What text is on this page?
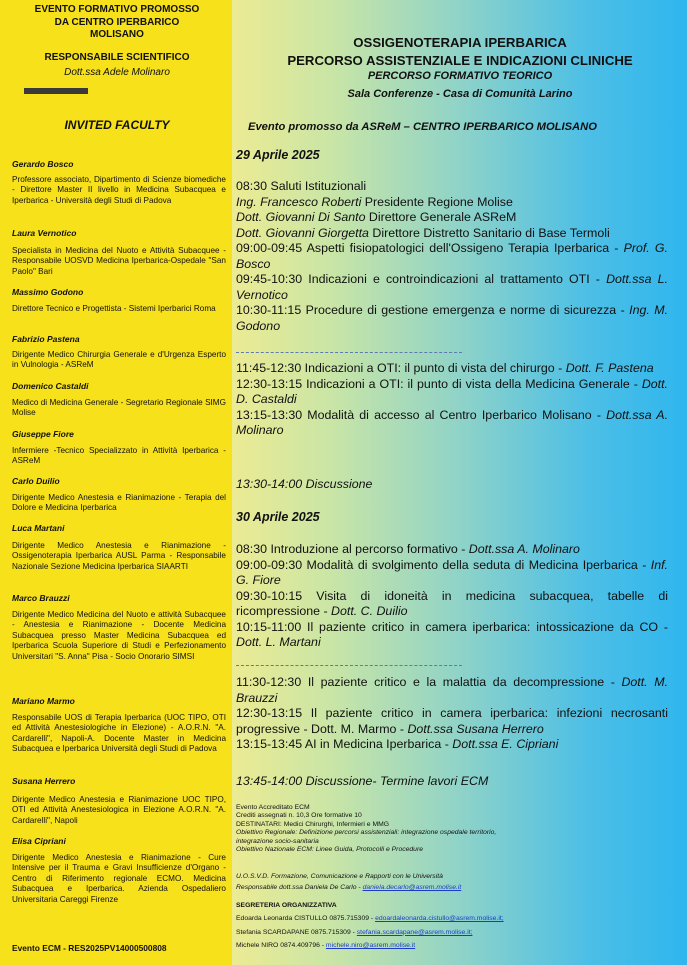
EVENTO FORMATIVO PROMOSSO
DA CENTRO IPERBARICO
MOLISANO
RESPONSABILE SCIENTIFICO
Dott.ssa Adele Molinaro
INVITED FACULTY
Gerardo Bosco
Professore associato, Dipartimento di Scienze biomediche - Direttore Master II livello in Medicina Subacquea e Iperbarica - Università degli Studi di Padova
Laura Vernotico
Specialista in Medicina del Nuoto e Attività Subacquee - Responsabile UOSVD Medicina Iperbarica-Ospedale "San Paolo" Bari
Massimo Godono
Direttore Tecnico e Progettista - Sistemi Iperbarici Roma
Fabrizio Pastena
Dirigente Medico Chirurgia Generale e d'Urgenza Esperto in Vulnologia - ASReM
Domenico Castaldi
Medico di Medicina Generale - Segretario Regionale SIMG Molise
Giuseppe Fiore
Infermiere -Tecnico Specializzato in Attività Iperbarica - ASReM
Carlo Duilio
Dirigente Medico Anestesia e Rianimazione - Terapia del Dolore e Medicina Iperbarica
Luca Martani
Dirigente Medico Anestesia e Rianimazione - Ossigenoterapia Iperbarica AUSL Parma - Responsabile Nazionale Sezione Medicina Iperbarica SIAARTI
Marco Brauzzi
Dirigente Medico Medicina del Nuoto e attività Subacquee - Anestesia e Rianimazione - Docente Medicina Subacquea presso Master Medicina Subacquea ed Iperbarica Scuola Superiore di Studi e Perfezionamento Universitari "S. Anna" Pisa - Socio Onorario SIMSI
Mariano Marmo
Responsabile UOS di Terapia Iperbarica (UOC TIPO, OTI ed Attività Anestesiologiche in Elezione) - A.O.R.N. "A. Cardarelli", Napoli-A. Docente Master in Medicina Subacquea e Iperbarica Università degli Studi di Padova
Susana Herrero
Dirigente Medico Anestesia e Rianimazione UOC TIPO, OTI ed Attività Anestesiologica in Elezione A.O.R.N. "A. Cardarelli", Napoli
Elisa Cipriani
Dirigente Medico Anestesia e Rianimazione - Cure Intensive per il Trauma e Gravi Insufficienze d'Organo - Centro di Riferimento regionale ECMO. Medicina Subacquea e Iperbarica. Azienda Ospedaliero Universitaria Careggi Firenze
Evento ECM - RES2025PV14000500808
OSSIGENOTERAPIA IPERBARICA
PERCORSO ASSISTENZIALE E INDICAZIONI CLINICHE
PERCORSO FORMATIVO TEORICO
Sala Conferenze - Casa di Comunità Larino
Evento promosso da ASReM – CENTRO IPERBARICO MOLISANO
29 Aprile 2025
08:30 Saluti Istituzionali
Ing. Francesco Roberti Presidente Regione Molise
Dott. Giovanni Di Santo Direttore Generale ASReM
Dott. Giovanni Giorgetta Direttore Distretto Sanitario di Base Termoli
09:00-09:45 Aspetti fisiopatologici dell'Ossigeno Terapia Iperbarica - Prof. G. Bosco
09:45-10:30 Indicazioni e controindicazioni al trattamento OTI - Dott.ssa L. Vernotico
10:30-11:15 Procedure di gestione emergenza e norme di sicurezza - Ing. M. Godono
11:45-12:30 Indicazioni a OTI: il punto di vista del chirurgo - Dott. F. Pastena
12:30-13:15 Indicazioni a OTI: il punto di vista della Medicina Generale - Dott. D. Castaldi
13:15-13:30 Modalità di accesso al Centro Iperbarico Molisano - Dott.ssa A. Molinaro
13:30-14:00 Discussione
30 Aprile 2025
08:30 Introduzione al percorso formativo - Dott.ssa A. Molinaro
09:00-09:30 Modalità di svolgimento della seduta di Medicina Iperbarica - Inf. G. Fiore
09:30-10:15 Visita di idoneità in medicina subacquea, tabelle di ricompressione - Dott. C. Duilio
10:15-11:00 Il paziente critico in camera iperbarica: intossicazione da CO - Dott. L. Martani
11:30-12:30 Il paziente critico e la malattia da decompressione - Dott. M. Brauzzi
12:30-13:15 Il paziente critico in camera iperbarica: infezioni necrosanti progressive - Dott. M. Marmo - Dott.ssa Susana Herrero
13:15-13:45 AI in Medicina Iperbarica - Dott.ssa E. Cipriani
13:45-14:00 Discussione- Termine lavori ECM
Evento Accreditato ECM
Crediti assegnati n. 10,3 Ore formative 10
DESTINATARI: Medici Chirurghi, Infermieri e MMG
Obiettivo Regionale: Definizione percorsi assistenziali: integrazione ospedale territorio,
integrazione socio-sanitaria
Obiettivo Nazionale ECM: Linee Guida, Protocolli e Procedure
U.O.S.V.D. Formazione, Comunicazione e Rapporti con le Università
Responsabile dott.ssa Daniela De Carlo - daniela.decarlo@asrem.molise.it
SEGRETERIA ORGANIZZATIVA
Edoarda Leonarda CISTULLO 0875.715309 - edoardaleonarda.cistullo@asrem.molise.it;
Stefania SCARDAPANE 0875.715309 - stefania.scardapane@asrem.molise.it;
Michele NIRO 0874.409796 - michele.niro@asrem.molise.it
